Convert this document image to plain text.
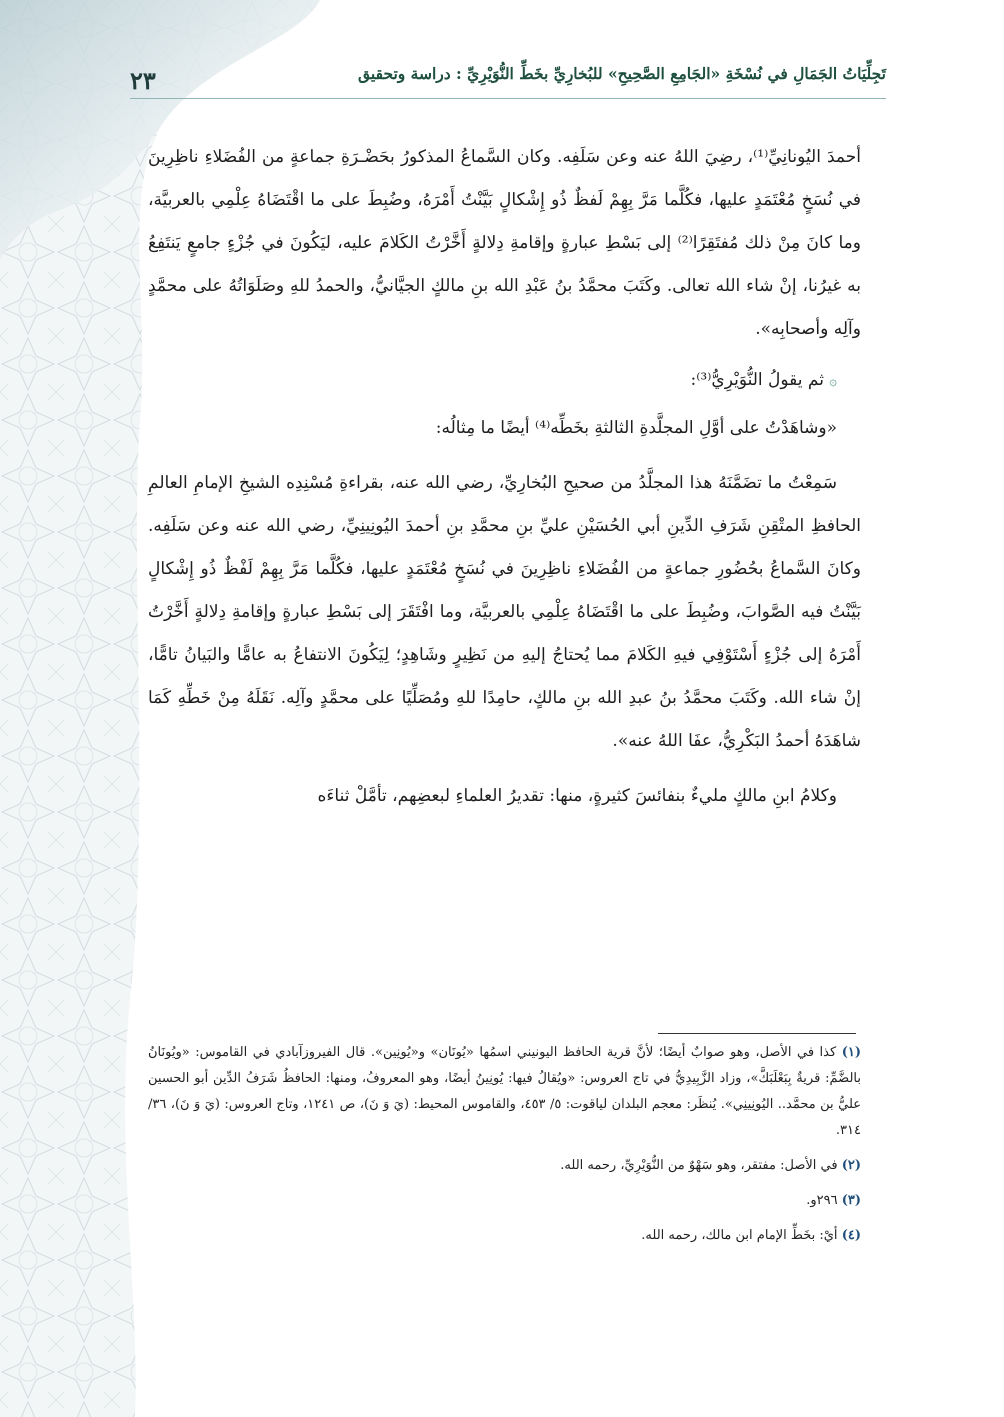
٢٣	تَجِلِّيَاتُ الجَمَالِ في نُسْخَةِ «الجَامِعِ الصَّحِيحِ» للبُخارِيِّ بخَطِّ النُّوَيْرِيِّ : دراسة وتحقيق

أحمدَ اليُونانِيِّ⁽¹⁾، رضِيَ اللهُ عنه وعن سَلَفِه. وكان السَّماعُ المذكورُ بحَضْـرَةِ جماعةٍ من الفُضَلاءِ ناظِرِينَ في نُسَخٍ مُعْتَمَدٍ عليها، فكُلَّما مَرَّ بِهِمْ لَفظٌ ذُو إِشْكالٍ بَيَّنْتُ أَمْرَهُ، وضُبِطَ على ما اقْتَضَاهُ عِلْمِي بالعربيَّة، وما كانَ مِنْ ذلك مُفتَقِرًا⁽²⁾ إلى بَسْطِ عبارةٍ وإقامةِ دِلالةٍ أَخَّرْتُ الكَلامَ عليه، ليَكُونَ في جُزْءٍ جامعٍ يَنتَفِعُ به غيرُنا، إنْ شاء الله تعالى. وكَتَبَ محمَّدُ بنُ عَبْدِ الله بنِ مالكٍ الجيَّانيُّ، والحمدُ للهِ وصَلَوَاتُهُ على محمَّدٍ وآلِه وأصحابِه».

۞ ثم يقولُ النُّوَيْرِيُّ⁽³⁾:

«وشاهَدْتُ على أوَّلِ المجلَّدةِ الثالثةِ بخَطِّه⁽⁴⁾ أيضًا ما مِثالُه:

سَمِعْتُ ما تضَمَّنَهُ هذا المجلَّدُ من صحيحِ البُخارِيِّ، رضي الله عنه، بقراءةِ مُسْنِدِه الشيخِ الإمامِ العالمِ الحافظِ المتْقِنِ شَرَفِ الدِّينِ أبي الحُسَيْنِ عليِّ بنِ محمَّدِ بنِ أحمدَ اليُونِينِيِّ، رضي الله عنه وعن سَلَفِه. وكانَ السَّماعُ بحُضُورِ جماعةٍ من الفُضَلاءِ ناظِرِينَ في نُسَخٍ مُعْتَمَدٍ عليها، فكُلَّما مَرَّ بِهِمْ لَفْظٌ ذُو إِشْكالٍ بَيَّنْتُ فيه الصَّوابَ، وضُبِطَ على ما اقْتَضَاهُ عِلْمِي بالعربيَّة، وما افْتَقَرَ إلى بَسْطِ عبارةٍ وإقامةِ دِلالةٍ أَخَّرْتُ أَمْرَهُ إلى جُزْءٍ أَسْتَوْفِي فيهِ الكَلامَ مما يُحتاجُ إليهِ من نَظِيرٍ وشَاهِدٍ؛ لِيَكُونَ الانتفاعُ به عامًّا والبَيانُ تامًّا، إنْ شاء الله. وكَتَبَ محمَّدُ بنُ عبدِ الله بنِ مالكٍ، حامِدًا للهِ ومُصَلِّيًا على محمَّدٍ وآلِه. نَقَلَهُ مِنْ خَطِّهِ كَمَا شاهَدَهُ أحمدُ البَكْرِيُّ، عفَا اللهُ عنه».

وكلامُ ابنِ مالكٍ مليءٌ بنفائسَ كثيرةٍ، منها: تقديرُ العلماءِ لبعضِهم، تأمَّلْ ثناءَه

(١) كذا في الأصل، وهو صوابٌ أيضًا؛ لأنَّ قرية الحافظ اليونيني اسمُها «يُونَان» و«يُونِين». قال الفيروزآبادي في القاموس: «ويُونَانُ بالضَّمِّ: قريةٌ بِبَعْلَبَكَّ»، وزاد الزَّبِيدِيُّ في تاج العروس: «ويُقالُ فيها: يُونِينُ أيضًا، وهو المعروفُ، ومنها: الحافظُ شَرَفُ الدِّين أبو الحسين عليُّ بن محمَّد.. اليُونِينِي». يُنظَر: معجم البلدان لياقوت: ٥/ ٤٥٣، والقاموس المحيط: (يَ وَ نَ)، ص ١٢٤١، وتاج العروس: (يَ وَ نَ)، ٣٦/ ٣١٤.

(٢) في الأصل: مفتقر، وهو سَهْوٌ من النُّوَيْرِيِّ، رحمه الله.

(٣) ٢٩٦و.

(٤) أيْ: بخَطِّ الإمام ابن مالك، رحمه الله.
